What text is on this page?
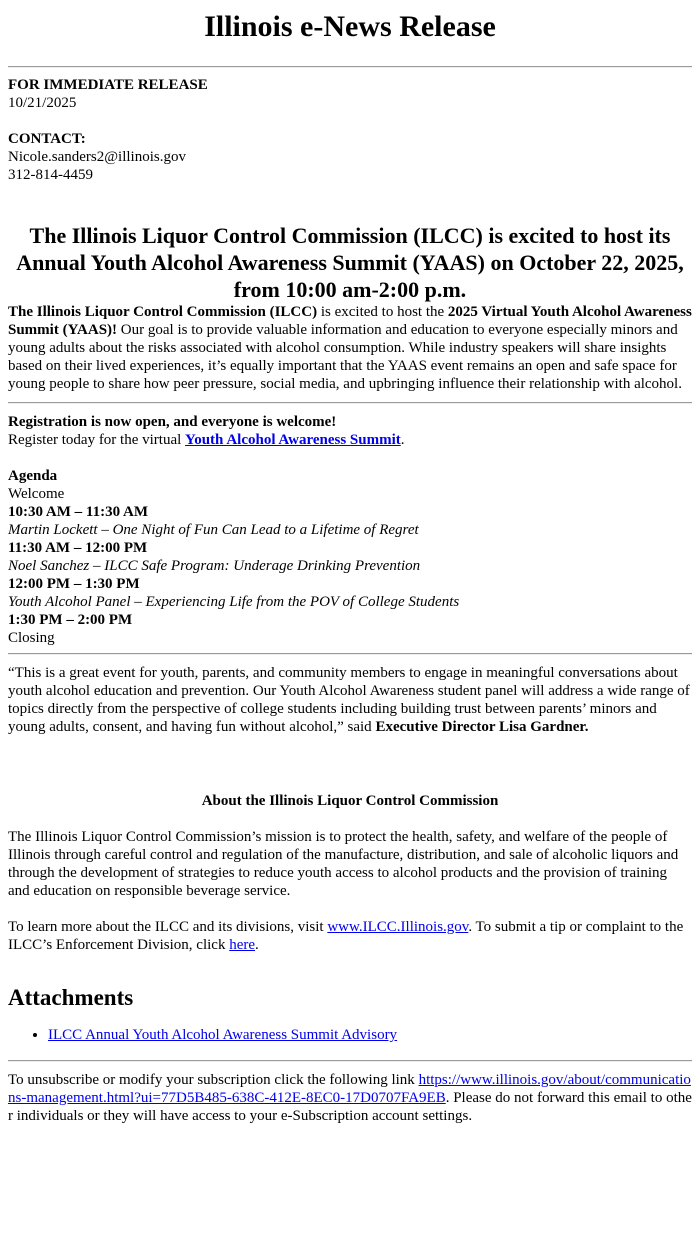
Illinois e-News Release
FOR IMMEDIATE RELEASE
10/21/2025
CONTACT:
Nicole.sanders2@illinois.gov
312-814-4459
The Illinois Liquor Control Commission (ILCC) is excited to host its Annual Youth Alcohol Awareness Summit (YAAS) on October 22, 2025, from 10:00 am-2:00 p.m.

The Illinois Liquor Control Commission (ILCC) is excited to host the 2025 Virtual Youth Alcohol Awareness Summit (YAAS)! Our goal is to provide valuable information and education to everyone especially minors and young adults about the risks associated with alcohol consumption. While industry speakers will share insights based on their lived experiences, it’s equally important that the YAAS event remains an open and safe space for young people to share how peer pressure, social media, and upbringing influence their relationship with alcohol.

Registration is now open, and everyone is welcome!
Register today for the virtual Youth Alcohol Awareness Summit.
Agenda
Welcome
10:30 AM – 11:30 AM
Martin Lockett – One Night of Fun Can Lead to a Lifetime of Regret
11:30 AM – 12:00 PM
Noel Sanchez – ILCC Safe Program: Underage Drinking Prevention
12:00 PM – 1:30 PM
Youth Alcohol Panel – Experiencing Life from the POV of College Students
1:30 PM – 2:00 PM
Closing

“This is a great event for youth, parents, and community members to engage in meaningful conversations about youth alcohol education and prevention. Our Youth Alcohol Awareness student panel will address a wide range of topics directly from the perspective of college students including building trust between parents’ minors and young adults, consent, and having fun without alcohol,” said Executive Director Lisa Gardner.

About the Illinois Liquor Control Commission

The Illinois Liquor Control Commission’s mission is to protect the health, safety, and welfare of the people of Illinois through careful control and regulation of the manufacture, distribution, and sale of alcoholic liquors and through the development of strategies to reduce youth access to alcohol products and the provision of training and education on responsible beverage service.

To learn more about the ILCC and its divisions, visit www.ILCC.Illinois.gov. To submit a tip or complaint to the ILCC’s Enforcement Division, click here.

Attachments
• ILCC Annual Youth Alcohol Awareness Summit Advisory

To unsubscribe or modify your subscription click the following link https://www.illinois.gov/about/communications-management.html?ui=77D5B485-638C-412E-8EC0-17D0707FA9EB. Please do not forward this email to other individuals or they will have access to your e-Subscription account settings.
